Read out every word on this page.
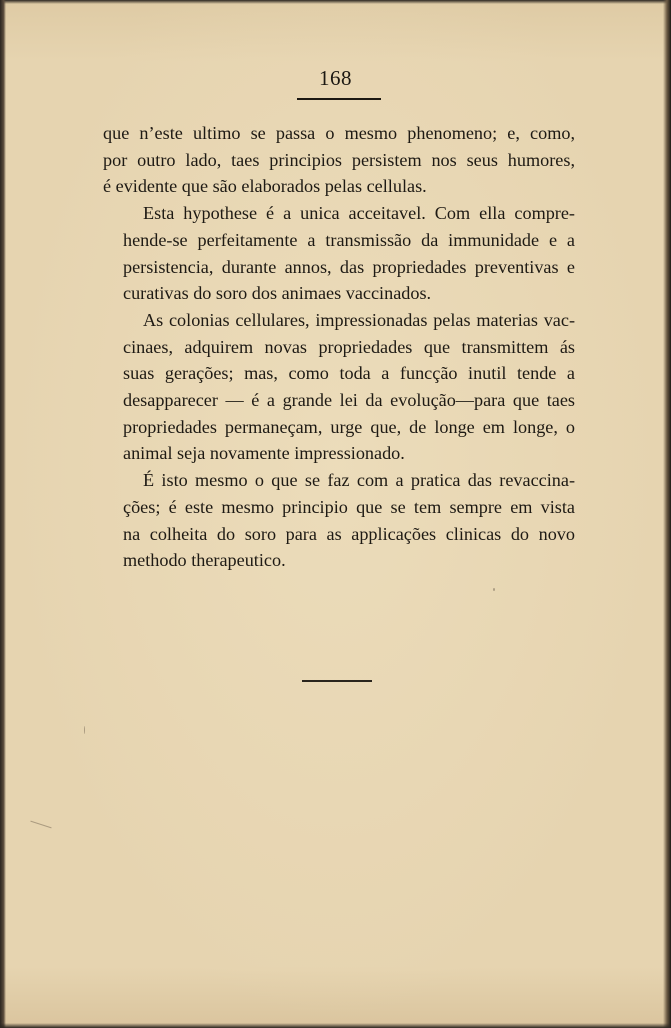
168

que n’este ultimo se passa o mesmo phenomeno; e, como,
por outro lado, taes principios persistem nos seus humores,
é evidente que são elaborados pelas cellulas.

Esta hypothese é a unica acceitavel. Com ella compre-
hende-se perfeitamente a transmissão da immunidade e a
persistencia, durante annos, das propriedades preventivas e
curativas do soro dos animaes vaccinados.

As colonias cellulares, impressionadas pelas materias vac-
cinaes, adquirem novas propriedades que transmittem ás
suas gerações; mas, como toda a funcção inutil tende a
desapparecer — é a grande lei da evolução—para que taes
propriedades permaneçam, urge que, de longe em longe, o
animal seja novamente impressionado.

É isto mesmo o que se faz com a pratica das revaccina-
ções; é este mesmo principio que se tem sempre em vista
na colheita do soro para as applicações clinicas do novo
methodo therapeutico.
